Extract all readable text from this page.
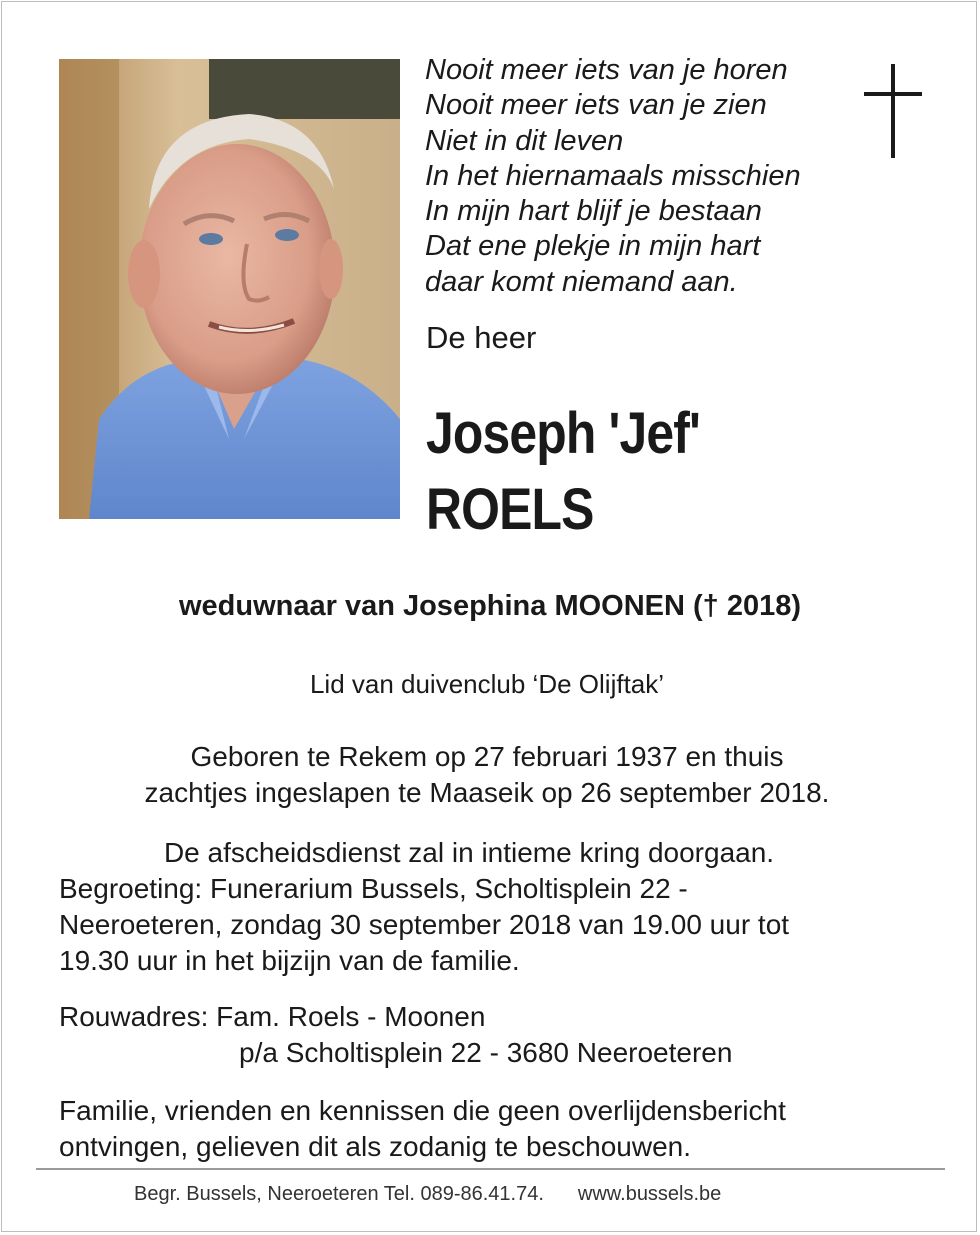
Nooit meer iets van je horen
Nooit meer iets van je zien
Niet in dit leven
In het hiernamaals misschien
In mijn hart blijf je bestaan
Dat ene plekje in mijn hart
daar komt niemand aan.
De heer
Joseph 'Jef'
ROELS
weduwnaar van Josephina MOONEN († 2018)
Lid van duivenclub ‘De Olijftak’
Geboren te Rekem op 27 februari 1937 en thuis
zachtjes ingeslapen te Maaseik op 26 september 2018.
De afscheidsdienst zal in intieme kring doorgaan.
Begroeting: Funerarium Bussels, Scholtisplein 22 -
Neeroeteren, zondag 30 september 2018 van 19.00 uur tot
19.30 uur in het bijzijn van de familie.
Rouwadres: Fam. Roels - Moonen
p/a Scholtisplein 22 - 3680 Neeroeteren
Familie, vrienden en kennissen die geen overlijdensbericht
ontvingen, gelieven dit als zodanig te beschouwen.
Begr. Bussels, Neeroeteren Tel. 089-86.41.74. www.bussels.be
